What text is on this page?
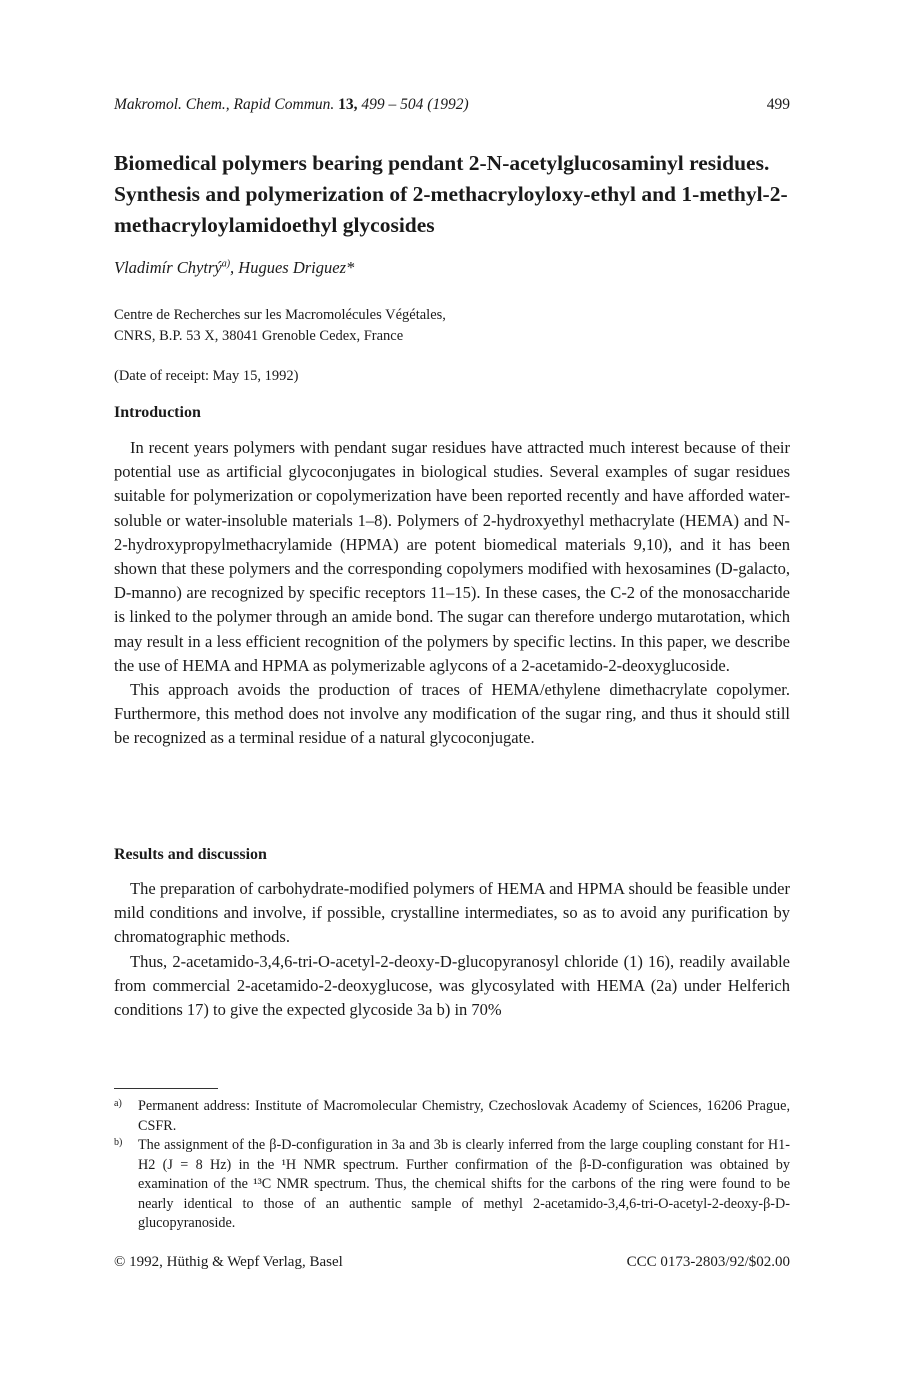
Makromol. Chem., Rapid Commun. 13, 499 – 504 (1992)	499
Biomedical polymers bearing pendant 2-N-acetylglucosaminyl residues. Synthesis and polymerization of 2-methacryloyloxy-ethyl and 1-methyl-2-methacryloylamidoethyl glycosides
Vladimír Chytrý$^{a)}$, Hugues Driguez*
Centre de Recherches sur les Macromolécules Végétales,
CNRS, B.P. 53 X, 38041 Grenoble Cedex, France
(Date of receipt: May 15, 1992)
Introduction

In recent years polymers with pendant sugar residues have attracted much interest because of their potential use as artificial glycoconjugates in biological studies. Several examples of sugar residues suitable for polymerization or copolymerization have been reported recently and have afforded water-soluble or water-insoluble materials 1–8). Polymers of 2-hydroxyethyl methacrylate (HEMA) and N-2-hydroxypropylmethacrylamide (HPMA) are potent biomedical materials 9,10), and it has been shown that these polymers and the corresponding copolymers modified with hexosamines (D-galacto, D-manno) are recognized by specific receptors 11–15). In these cases, the C-2 of the monosaccharide is linked to the polymer through an amide bond. The sugar can therefore undergo mutarotation, which may result in a less efficient recognition of the polymers by specific lectins. In this paper, we describe the use of HEMA and HPMA as polymerizable aglycons of a 2-acetamido-2-deoxyglucoside.

This approach avoids the production of traces of HEMA/ethylene dimethacrylate copolymer. Furthermore, this method does not involve any modification of the sugar ring, and thus it should still be recognized as a terminal residue of a natural glycoconjugate.

Results and discussion

The preparation of carbohydrate-modified polymers of HEMA and HPMA should be feasible under mild conditions and involve, if possible, crystalline intermediates, so as to avoid any purification by chromatographic methods.

Thus, 2-acetamido-3,4,6-tri-O-acetyl-2-deoxy-D-glucopyranosyl chloride (1) 16), readily available from commercial 2-acetamido-2-deoxyglucose, was glycosylated with HEMA (2a) under Helferich conditions 17) to give the expected glycoside 3a b) in 70%

a)	Permanent address: Institute of Macromolecular Chemistry, Czechoslovak Academy of Sciences, 16206 Prague, CSFR.
b)	The assignment of the β-D-configuration in 3a and 3b is clearly inferred from the large coupling constant for H1-H2 (J = 8 Hz) in the ¹H NMR spectrum. Further confirmation of the β-D-configuration was obtained by examination of the ¹³C NMR spectrum. Thus, the chemical shifts for the carbons of the ring were found to be nearly identical to those of an authentic sample of methyl 2-acetamido-3,4,6-tri-O-acetyl-2-deoxy-β-D-glucopyranoside.
© 1992, Hüthig & Wepf Verlag, Basel	CCC 0173-2803/92/$02.00
